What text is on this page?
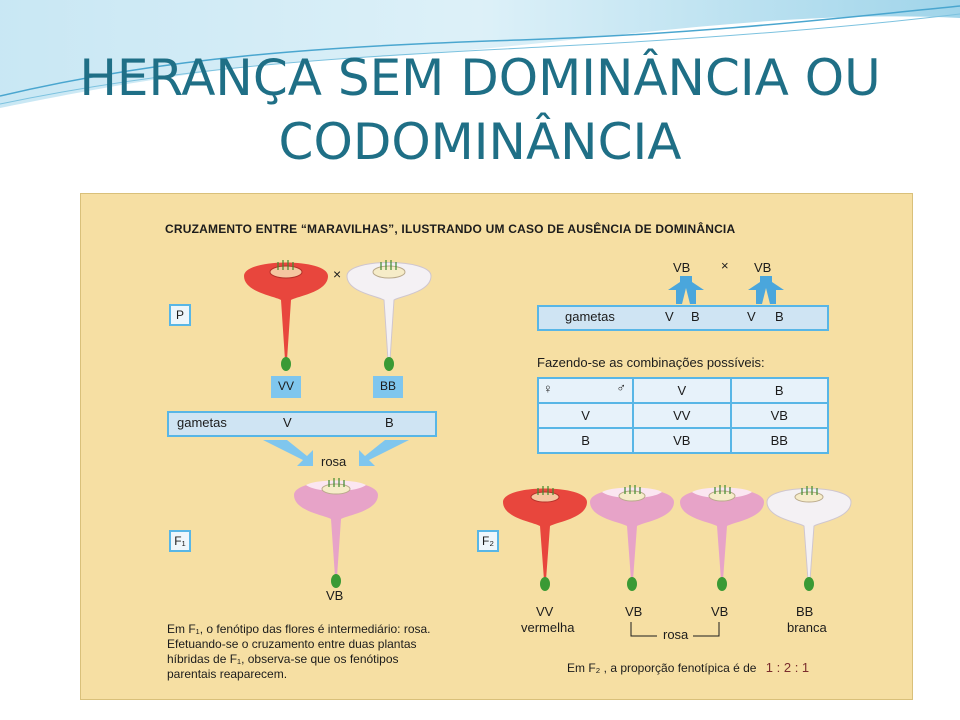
HERANÇA SEM DOMINÂNCIA OU
CODOMINÂNCIA
CRUZAMENTO ENTRE “MARAVILHAS”, ILUSTRANDO UM CASO DE AUSÊNCIA DE DOMINÂNCIA
P
×
VV	BB
gametas	V	B
rosa
F₁
VB
Em F₁, o fenótipo das flores é intermediário: rosa.
Efetuando-se o cruzamento entre duas plantas
híbridas de F₁, observa-se que os fenótipos
parentais reaparecem.
VB × VB
gametas	V B	V B
Fazendo-se as combinações possíveis:
♀ ♂	V	B
V	VV	VB
B	VB	BB
F₂
VV
vermelha
VB	VB	BB
branca
rosa
Em F₂ , a proporção fenotípica é de 1 : 2 : 1
